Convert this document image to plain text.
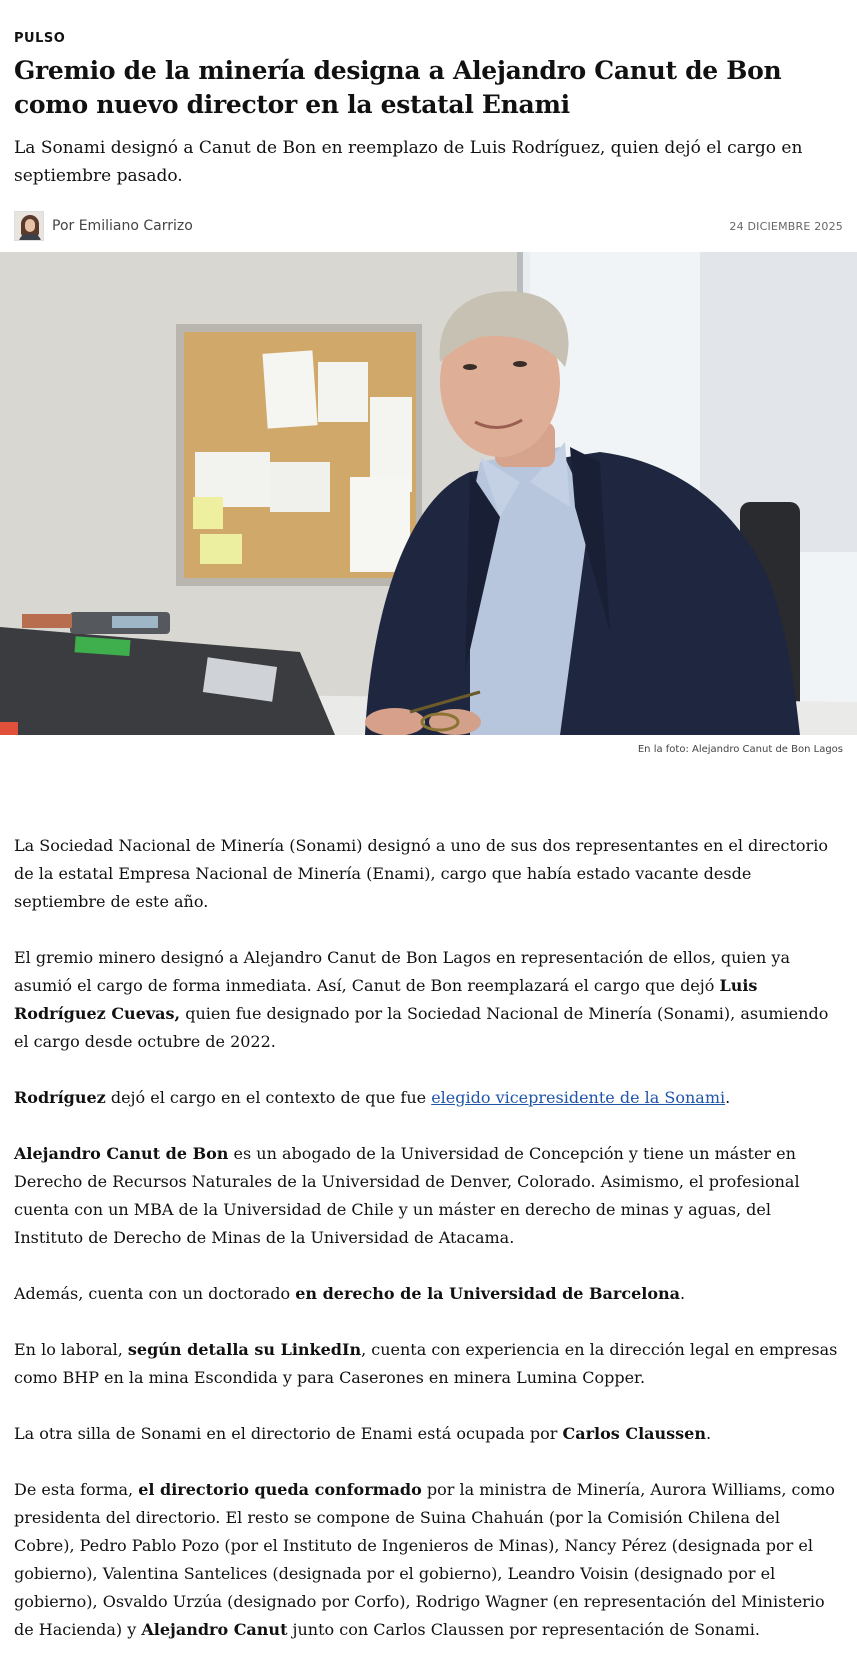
PULSO
Gremio de la minería designa a Alejandro Canut de Bon como nuevo director en la estatal Enami

La Sonami designó a Canut de Bon en reemplazo de Luis Rodríguez, quien dejó el cargo en septiembre pasado.

Por Emiliano Carrizo	24 DICIEMBRE 2025
En la foto: Alejandro Canut de Bon Lagos

La Sociedad Nacional de Minería (Sonami) designó a uno de sus dos representantes en el directorio de la estatal Empresa Nacional de Minería (Enami), cargo que había estado vacante desde septiembre de este año.

El gremio minero designó a Alejandro Canut de Bon Lagos en representación de ellos, quien ya asumió el cargo de forma inmediata. Así, Canut de Bon reemplazará el cargo que dejó Luis Rodríguez Cuevas, quien fue designado por la Sociedad Nacional de Minería (Sonami), asumiendo el cargo desde octubre de 2022.

Rodríguez dejó el cargo en el contexto de que fue elegido vicepresidente de la Sonami.

Alejandro Canut de Bon es un abogado de la Universidad de Concepción y tiene un máster en Derecho de Recursos Naturales de la Universidad de Denver, Colorado. Asimismo, el profesional cuenta con un MBA de la Universidad de Chile y un máster en derecho de minas y aguas, del Instituto de Derecho de Minas de la Universidad de Atacama.

Además, cuenta con un doctorado en derecho de la Universidad de Barcelona.

En lo laboral, según detalla su LinkedIn, cuenta con experiencia en la dirección legal en empresas como BHP en la mina Escondida y para Caserones en minera Lumina Copper.

La otra silla de Sonami en el directorio de Enami está ocupada por Carlos Claussen.

De esta forma, el directorio queda conformado por la ministra de Minería, Aurora Williams, como presidenta del directorio. El resto se compone de Suina Chahuán (por la Comisión Chilena del Cobre), Pedro Pablo Pozo (por el Instituto de Ingenieros de Minas), Nancy Pérez (designada por el gobierno), Valentina Santelices (designada por el gobierno), Leandro Voisin (designado por el gobierno), Osvaldo Urzúa (designado por Corfo), Rodrigo Wagner (en representación del Ministerio de Hacienda) y Alejandro Canut junto con Carlos Claussen por representación de Sonami.
